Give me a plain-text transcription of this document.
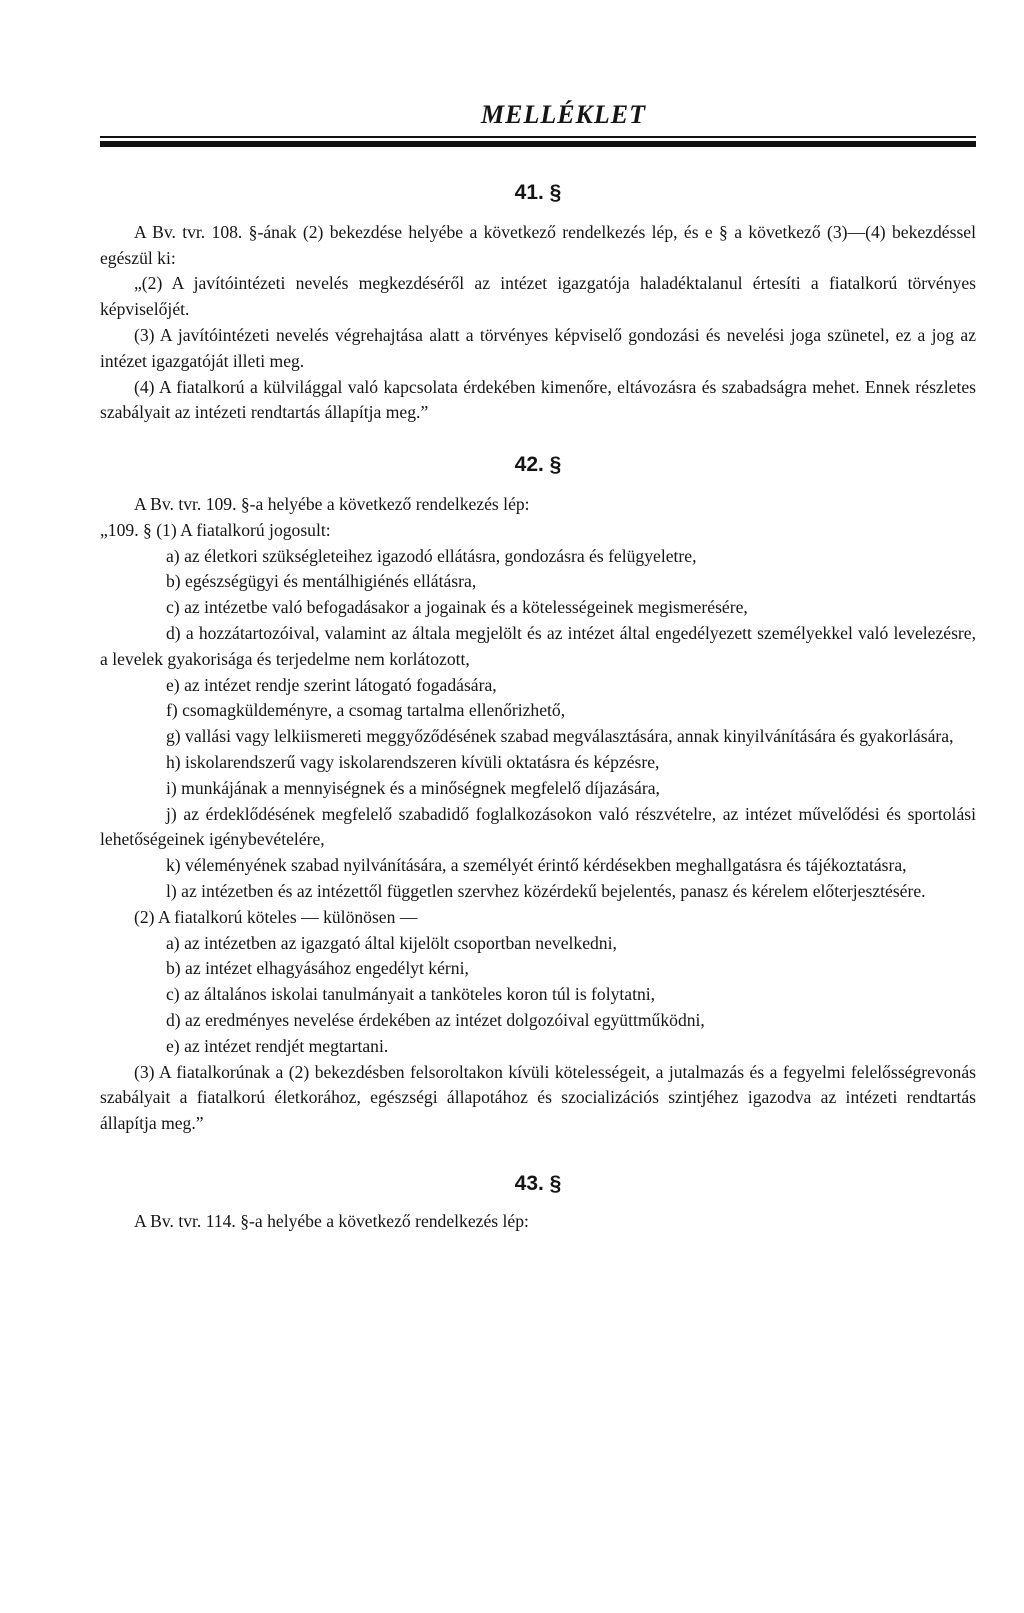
MELLÉKLET
41. §

A Bv. tvr. 108. §-ának (2) bekezdése helyébe a következő rendelkezés lép, és e § a következő (3)—(4) bekezdéssel egészül ki:

„(2) A javítóintézeti nevelés megkezdéséről az intézet igazgatója haladéktalanul értesíti a fiatalkorú törvényes képviselőjét.

(3) A javítóintézeti nevelés végrehajtása alatt a törvényes képviselő gondozási és nevelési joga szünetel, ez a jog az intézet igazgatóját illeti meg.

(4) A fiatalkorú a külvilággal való kapcsolata érdekében kimenőre, eltávozásra és szabadságra mehet. Ennek részletes szabályait az intézeti rendtartás állapítja meg.”

42. §

A Bv. tvr. 109. §-a helyébe a következő rendelkezés lép:

„109. § (1) A fiatalkorú jogosult:

a) az életkori szükségleteihez igazodó ellátásra, gondozásra és felügyeletre,

b) egészségügyi és mentálhigiénés ellátásra,

c) az intézetbe való befogadásakor a jogainak és a kötelességeinek megismerésére,

d) a hozzátartozóival, valamint az általa megjelölt és az intézet által engedélyezett személyekkel való levelezésre, a levelek gyakorisága és terjedelme nem korlátozott,

e) az intézet rendje szerint látogató fogadására,

f) csomagküldeményre, a csomag tartalma ellenőrizhető,

g) vallási vagy lelkiismereti meggyőződésének szabad megválasztására, annak kinyilvánítására és gyakorlására,

h) iskolarendszerű vagy iskolarendszeren kívüli oktatásra és képzésre,

i) munkájának a mennyiségnek és a minőségnek megfelelő díjazására,

j) az érdeklődésének megfelelő szabadidő foglalkozásokon való részvételre, az intézet művelődési és sportolási lehetőségeinek igénybevételére,

k) véleményének szabad nyilvánítására, a személyét érintő kérdésekben meghallgatásra és tájékoztatásra,

l) az intézetben és az intézettől független szervhez közérdekű bejelentés, panasz és kérelem előterjesztésére.

(2) A fiatalkorú köteles — különösen —

a) az intézetben az igazgató által kijelölt csoportban nevelkedni,

b) az intézet elhagyásához engedélyt kérni,

c) az általános iskolai tanulmányait a tanköteles koron túl is folytatni,

d) az eredményes nevelése érdekében az intézet dolgozóival együttműködni,

e) az intézet rendjét megtartani.

(3) A fiatalkorúnak a (2) bekezdésben felsoroltakon kívüli kötelességeit, a jutalmazás és a fegyelmi felelősségrevonás szabályait a fiatalkorú életkorához, egészségi állapotához és szocializációs szintjéhez igazodva az intézeti rendtartás állapítja meg.”

43. §

A Bv. tvr. 114. §-a helyébe a következő rendelkezés lép:
